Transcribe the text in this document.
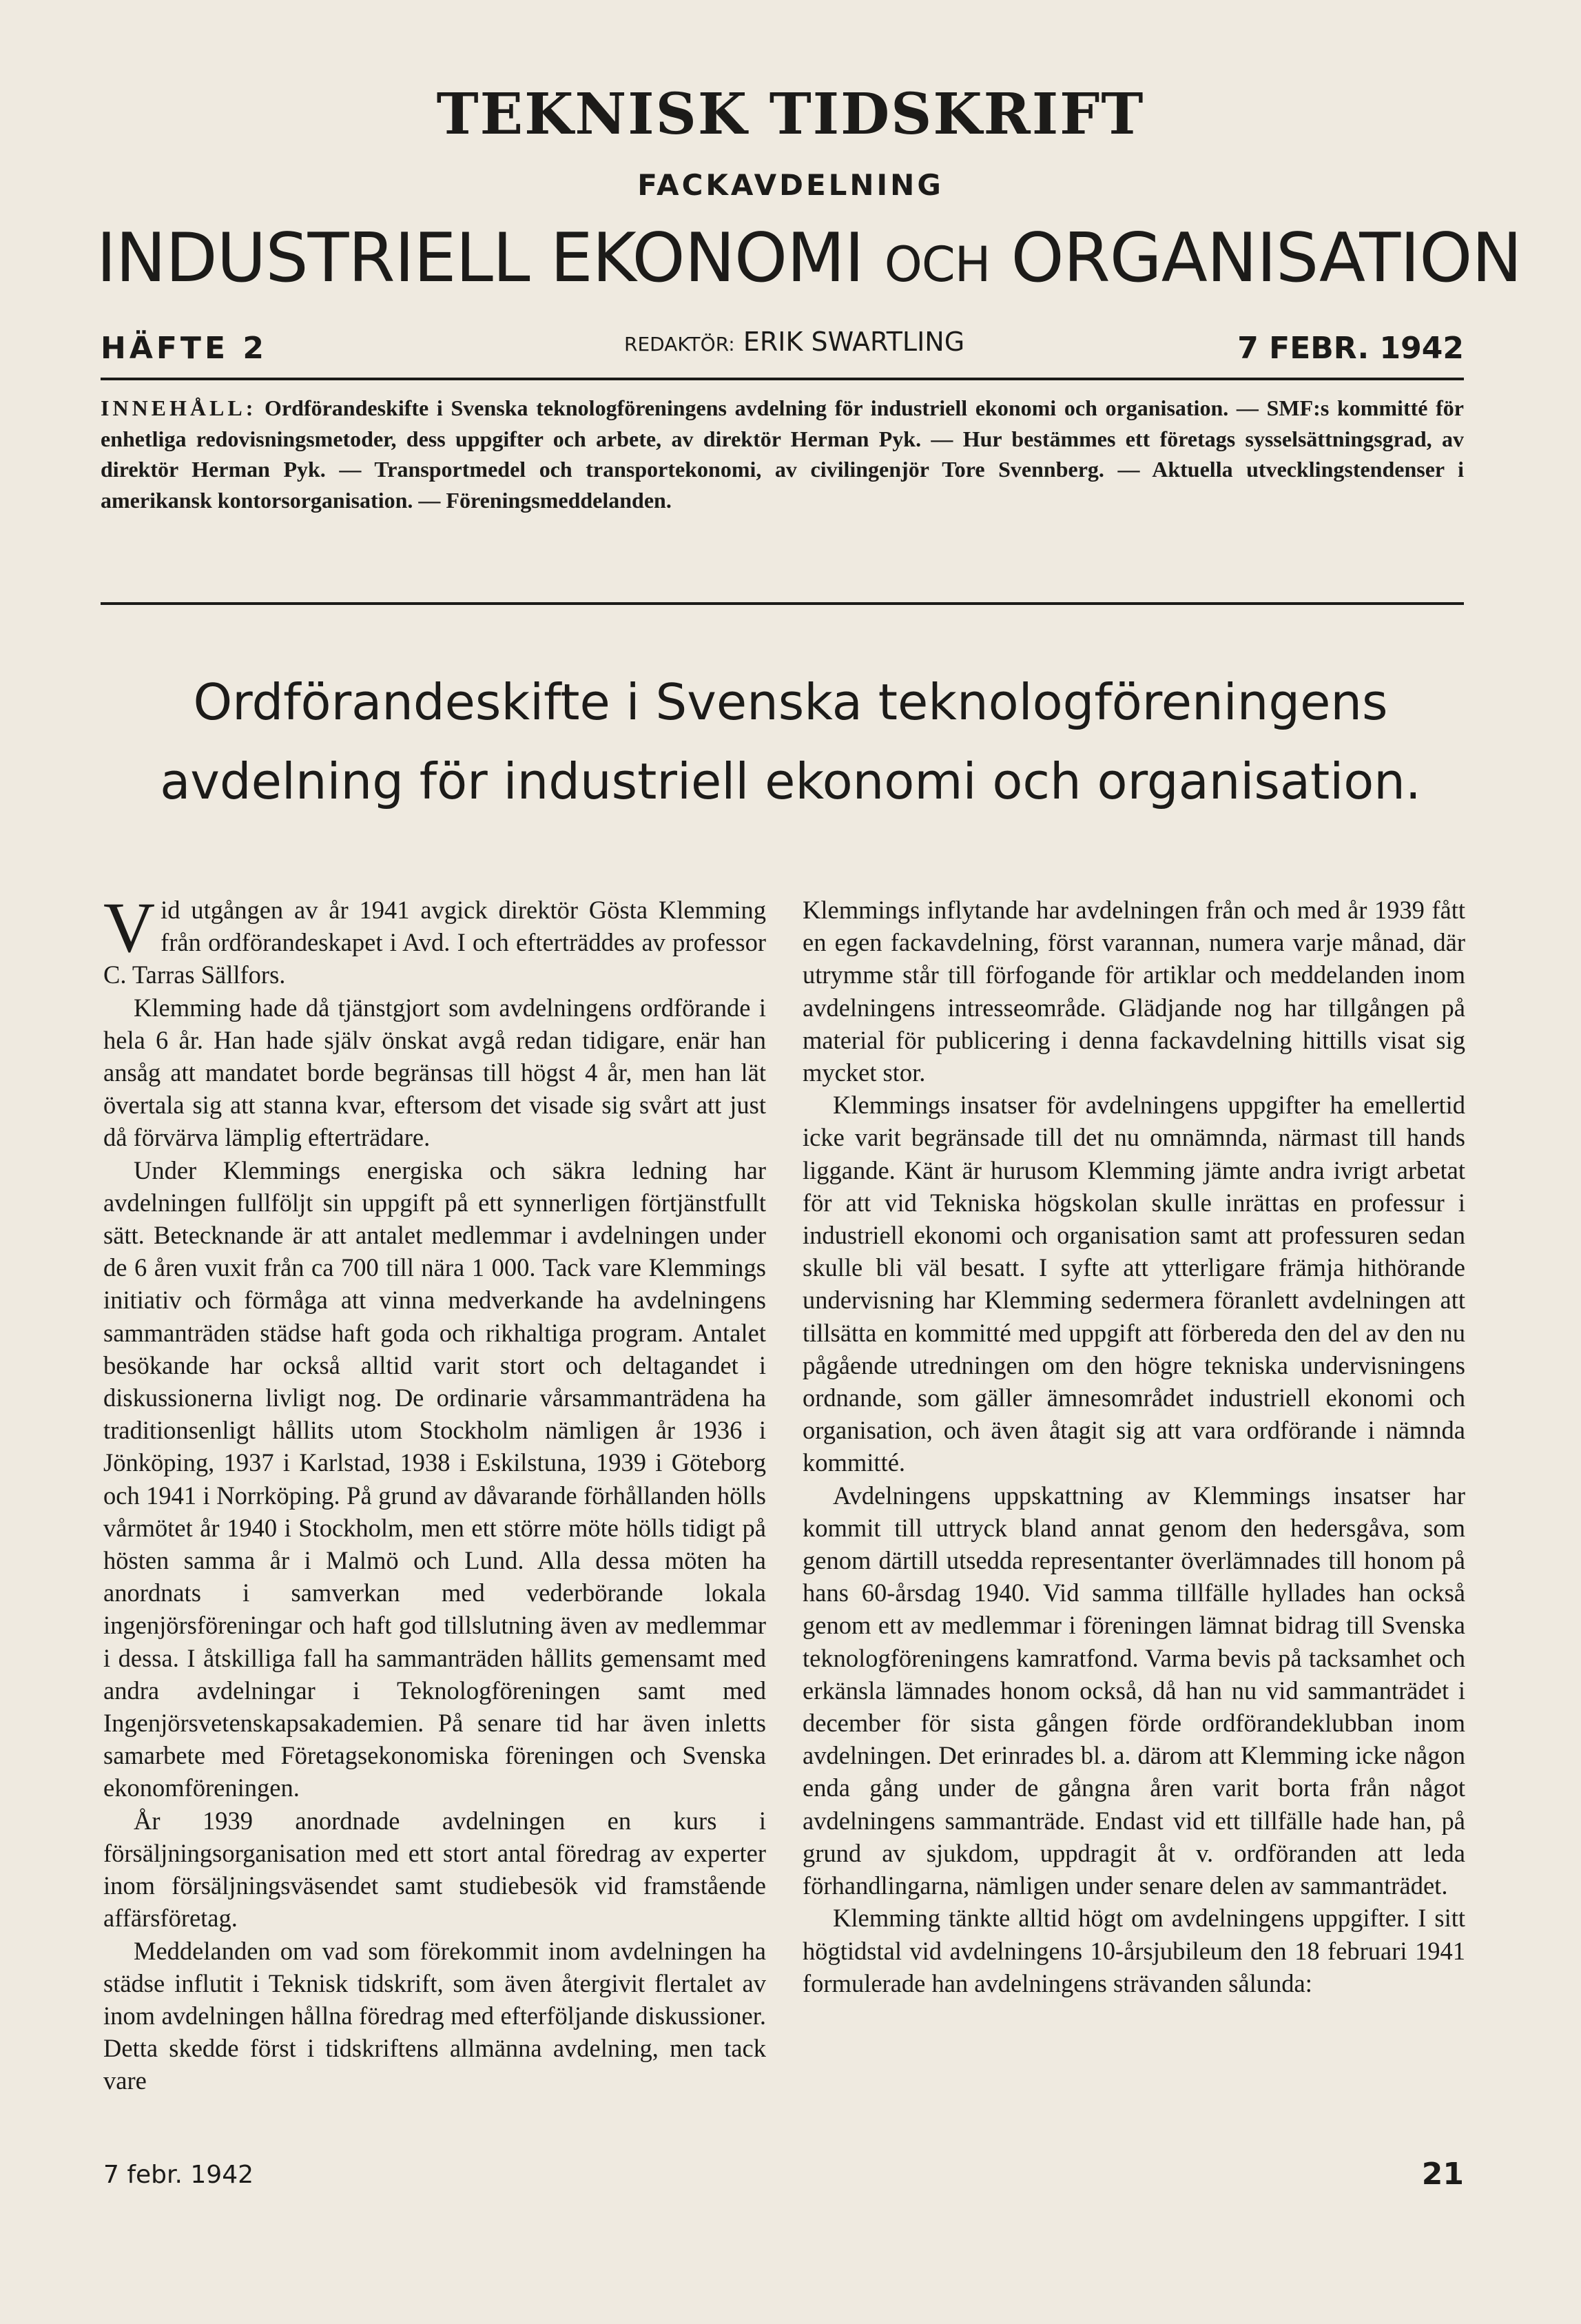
TEKNISK TIDSKRIFT
FACKAVDELNING
INDUSTRIELL EKONOMI OCH ORGANISATION
HÄFTE 2	REDAKTÖR: ERIK SWARTLING	7 FEBR. 1942
INNEHÅLL: Ordförandeskifte i Svenska teknologföreningens avdelning för industriell ekonomi och organisation. — SMF:s kommitté för enhetliga redovisningsmetoder, dess uppgifter och arbete, av direktör Herman Pyk. — Hur bestämmes ett företags sysselsättningsgrad, av direktör Herman Pyk. — Transportmedel och transportekonomi, av civilingenjör Tore Svennberg. — Aktuella utvecklingstendenser i amerikansk kontorsorganisation. — Föreningsmeddelanden.
Ordförandeskifte i Svenska teknologföreningens avdelning för industriell ekonomi och organisation.

Vid utgången av år 1941 avgick direktör Gösta Klemming från ordförandeskapet i Avd. I och efterträddes av professor C. Tarras Sällfors.

Klemming hade då tjänstgjort som avdelningens ordförande i hela 6 år. Han hade själv önskat avgå redan tidigare, enär han ansåg att mandatet borde begränsas till högst 4 år, men han lät övertala sig att stanna kvar, eftersom det visade sig svårt att just då förvärva lämplig efterträdare.

Under Klemmings energiska och säkra ledning har avdelningen fullföljt sin uppgift på ett synnerligen förtjänstfullt sätt. Betecknande är att antalet medlemmar i avdelningen under de 6 åren vuxit från ca 700 till nära 1 000. Tack vare Klemmings initiativ och förmåga att vinna medverkande ha avdelningens sammanträden städse haft goda och rikhaltiga program. Antalet besökande har också alltid varit stort och deltagandet i diskussionerna livligt nog. De ordinarie vårsammanträdena ha traditionsenligt hållits utom Stockholm nämligen år 1936 i Jönköping, 1937 i Karlstad, 1938 i Eskilstuna, 1939 i Göteborg och 1941 i Norrköping. På grund av dåvarande förhållanden hölls vårmötet år 1940 i Stockholm, men ett större möte hölls tidigt på hösten samma år i Malmö och Lund. Alla dessa möten ha anordnats i samverkan med vederbörande lokala ingenjörsföreningar och haft god tillslutning även av medlemmar i dessa. I åtskilliga fall ha sammanträden hållits gemensamt med andra avdelningar i Teknologföreningen samt med Ingenjörsvetenskapsakademien. På senare tid har även inletts samarbete med Företagsekonomiska föreningen och Svenska ekonomföreningen.

År 1939 anordnade avdelningen en kurs i försäljningsorganisation med ett stort antal föredrag av experter inom försäljningsväsendet samt studiebesök vid framstående affärsföretag.

Meddelanden om vad som förekommit inom avdelningen ha städse influtit i Teknisk tidskrift, som även återgivit flertalet av inom avdelningen hållna föredrag med efterföljande diskussioner. Detta skedde först i tidskriftens allmänna avdelning, men tack vare

Klemmings inflytande har avdelningen från och med år 1939 fått en egen fackavdelning, först varannan, numera varje månad, där utrymme står till förfogande för artiklar och meddelanden inom avdelningens intresseområde. Glädjande nog har tillgången på material för publicering i denna fackavdelning hittills visat sig mycket stor.

Klemmings insatser för avdelningens uppgifter ha emellertid icke varit begränsade till det nu omnämnda, närmast till hands liggande. Känt är hurusom Klemming jämte andra ivrigt arbetat för att vid Tekniska högskolan skulle inrättas en professur i industriell ekonomi och organisation samt att professuren sedan skulle bli väl besatt. I syfte att ytterligare främja hithörande undervisning har Klemming sedermera föranlett avdelningen att tillsätta en kommitté med uppgift att förbereda den del av den nu pågående utredningen om den högre tekniska undervisningens ordnande, som gäller ämnesområdet industriell ekonomi och organisation, och även åtagit sig att vara ordförande i nämnda kommitté.

Avdelningens uppskattning av Klemmings insatser har kommit till uttryck bland annat genom den hedersgåva, som genom därtill utsedda representanter överlämnades till honom på hans 60-årsdag 1940. Vid samma tillfälle hyllades han också genom ett av medlemmar i föreningen lämnat bidrag till Svenska teknologföreningens kamratfond. Varma bevis på tacksamhet och erkänsla lämnades honom också, då han nu vid sammanträdet i december för sista gången förde ordförandeklubban inom avdelningen. Det erinrades bl. a. därom att Klemming icke någon enda gång under de gångna åren varit borta från något avdelningens sammanträde. Endast vid ett tillfälle hade han, på grund av sjukdom, uppdragit åt v. ordföranden att leda förhandlingarna, nämligen under senare delen av sammanträdet.

Klemming tänkte alltid högt om avdelningens uppgifter. I sitt högtidstal vid avdelningens 10-årsjubileum den 18 februari 1941 formulerade han avdelningens strävanden sålunda:

7 febr. 1942	21
